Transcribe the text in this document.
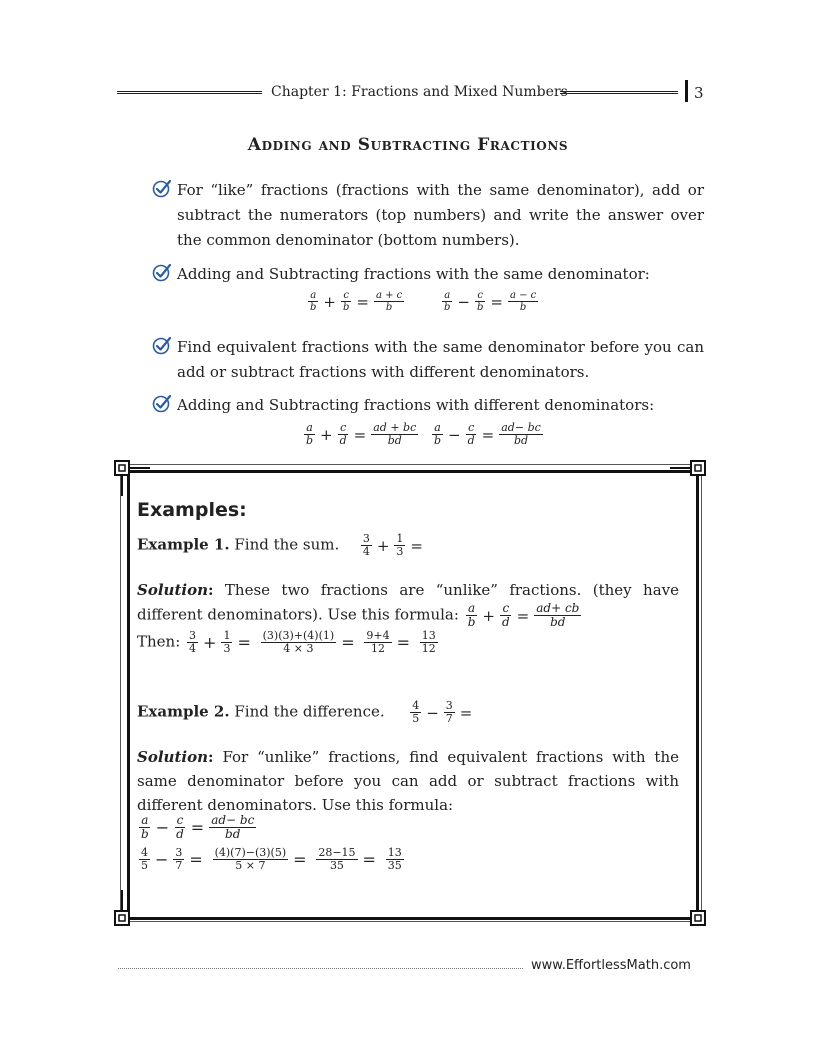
Chapter 1: Fractions and Mixed Numbers	3
Adding and Subtracting Fractions
For “like” fractions (fractions with the same denominator), add or subtract the numerators (top numbers) and write the answer over the common denominator (bottom numbers).
Adding and Subtracting fractions with the same denominator:
$\frac{a}{b} + \frac{c}{b} = \frac{a + c}{b}$	$\frac{a}{b} - \frac{c}{b} = \frac{a - c}{b}$
Find equivalent fractions with the same denominator before you can add or subtract fractions with different denominators.
Adding and Subtracting fractions with different denominators:
$\frac{a}{b} + \frac{c}{d} = \frac{ad + bc}{bd} \frac{a}{b} - \frac{c}{d} = \frac{ad- bc}{bd}$
Examples:
Example 1. Find the sum. $\frac{3}{4} + \frac{1}{3}$ =
Solution: These two fractions are “unlike” fractions. (they have different denominators). Use this formula: $\frac{a}{b} + \frac{c}{d} = \frac{ad+ cb}{bd}$
Then: $\frac{3}{4} + \frac{1}{3} = \frac{(3)(3)+(4)(1)}{4 \times 3} = \frac{9+4}{12} = \frac{13}{12}$
Example 2. Find the difference. $\frac{4}{5} - \frac{3}{7}$ =
Solution: For “unlike” fractions, find equivalent fractions with the same denominator before you can add or subtract fractions with different denominators. Use this formula:
$\frac{a}{b} - \frac{c}{d} = \frac{ad- bc}{bd}$
$\frac{4}{5} - \frac{3}{7} = \frac{(4)(7)-(3)(5)}{5 \times 7} = \frac{28-15}{35} = \frac{13}{35}$
www.EffortlessMath.com
